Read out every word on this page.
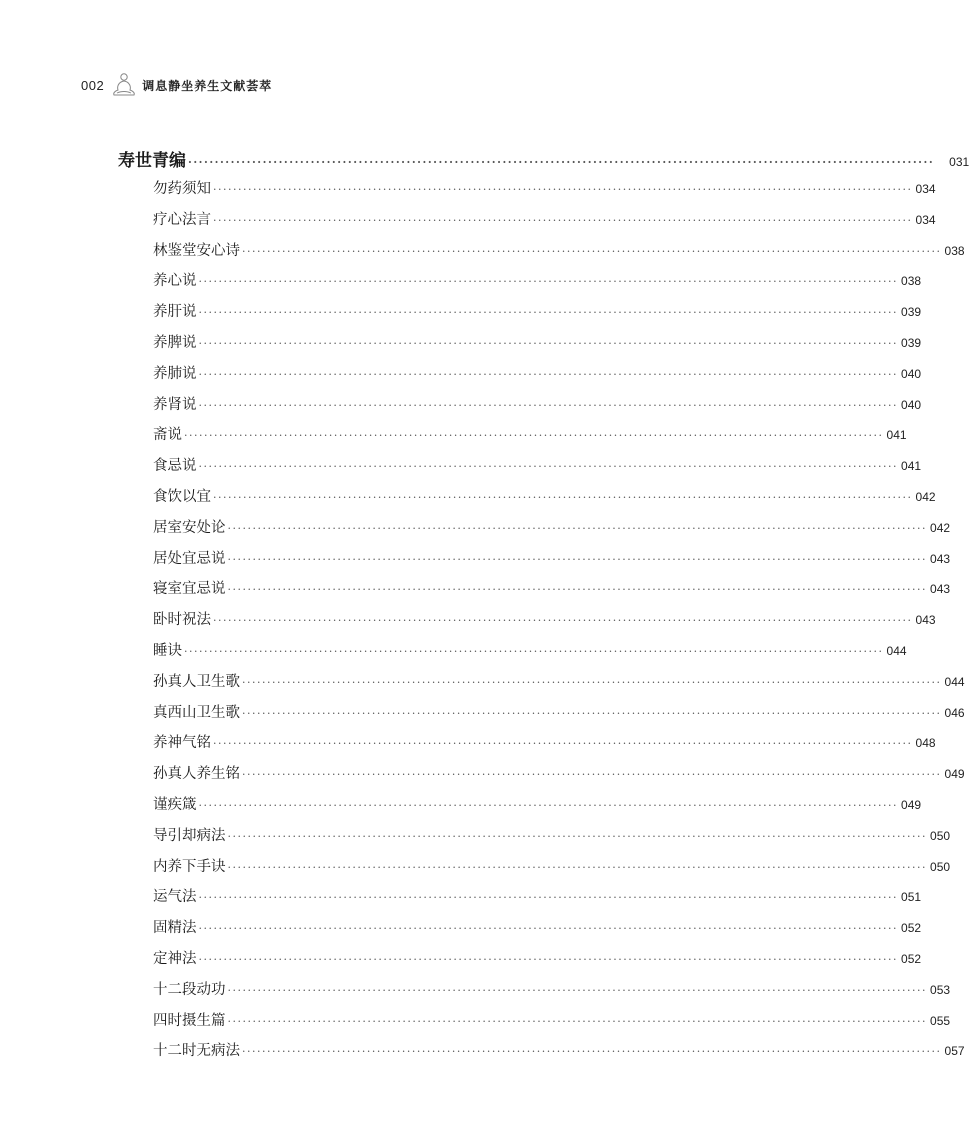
002	调息静坐养生文献荟萃
寿世青编 ············································································································································ 031
勿药须知 ············································································································································ 034
疗心法言 ············································································································································ 034
林鉴堂安心诗 ············································································································································ 038
养心说 ············································································································································ 038
养肝说 ············································································································································ 039
养脾说 ············································································································································ 039
养肺说 ············································································································································ 040
养肾说 ············································································································································ 040
斋说 ············································································································································ 041
食忌说 ············································································································································ 041
食饮以宜 ············································································································································ 042
居室安处论 ············································································································································ 042
居处宜忌说 ············································································································································ 043
寝室宜忌说 ············································································································································ 043
卧时祝法 ············································································································································ 043
睡诀 ············································································································································ 044
孙真人卫生歌 ············································································································································ 044
真西山卫生歌 ············································································································································ 046
养神气铭 ············································································································································ 048
孙真人养生铭 ············································································································································ 049
谨疾箴 ············································································································································ 049
导引却病法 ············································································································································ 050
内养下手诀 ············································································································································ 050
运气法 ············································································································································ 051
固精法 ············································································································································ 052
定神法 ············································································································································ 052
十二段动功 ············································································································································ 053
四时摄生篇 ············································································································································ 055
十二时无病法 ············································································································································ 057
